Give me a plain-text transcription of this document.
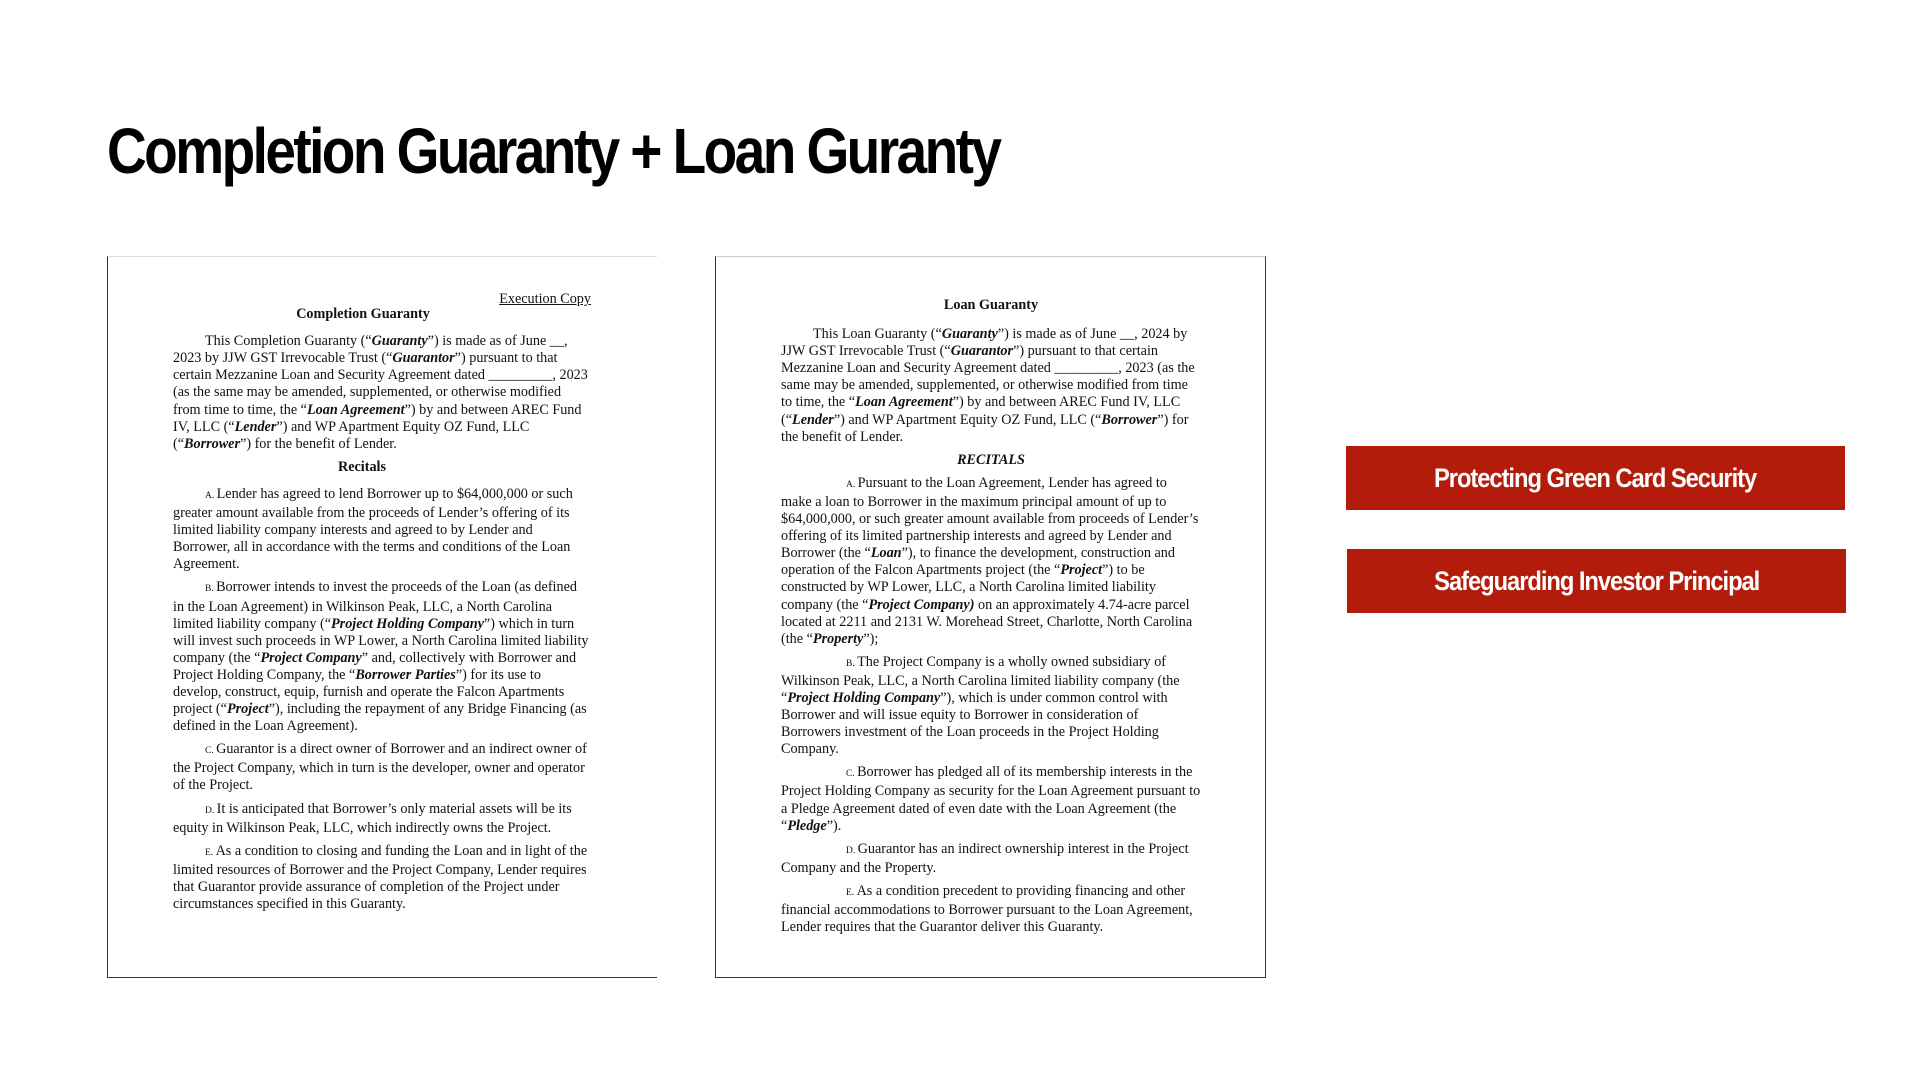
Completion Guaranty + Loan Guranty

Execution Copy

Completion Guaranty

This Completion Guaranty (“Guaranty”) is made as of June __, 2023 by JJW GST Irrevocable Trust (“Guarantor”) pursuant to that certain Mezzanine Loan and Security Agreement dated _________, 2023 (as the same may be amended, supplemented, or otherwise modified from time to time, the “Loan Agreement”) by and between AREC Fund IV, LLC (“Lender”) and WP Apartment Equity OZ Fund, LLC (“Borrower”) for the benefit of Lender.

Recitals

A. Lender has agreed to lend Borrower up to $64,000,000 or such greater amount available from the proceeds of Lender’s offering of its limited liability company interests and agreed to by Lender and Borrower, all in accordance with the terms and conditions of the Loan Agreement.

B. Borrower intends to invest the proceeds of the Loan (as defined in the Loan Agreement) in Wilkinson Peak, LLC, a North Carolina limited liability company (“Project Holding Company”) which in turn will invest such proceeds in WP Lower, a North Carolina limited liability company (the “Project Company” and, collectively with Borrower and Project Holding Company, the “Borrower Parties”) for its use to develop, construct, equip, furnish and operate the Falcon Apartments project (“Project”), including the repayment of any Bridge Financing (as defined in the Loan Agreement).

C. Guarantor is a direct owner of Borrower and an indirect owner of the Project Company, which in turn is the developer, owner and operator of the Project.

D. It is anticipated that Borrower’s only material assets will be its equity in Wilkinson Peak, LLC, which indirectly owns the Project.

E. As a condition to closing and funding the Loan and in light of the limited resources of Borrower and the Project Company, Lender requires that Guarantor provide assurance of completion of the Project under circumstances specified in this Guaranty.

Loan Guaranty

This Loan Guaranty (“Guaranty”) is made as of June __, 2024 by JJW GST Irrevocable Trust (“Guarantor”) pursuant to that certain Mezzanine Loan and Security Agreement dated _________, 2023 (as the same may be amended, supplemented, or otherwise modified from time to time, the “Loan Agreement”) by and between AREC Fund IV, LLC (“Lender”) and WP Apartment Equity OZ Fund, LLC (“Borrower”) for the benefit of Lender.

RECITALS

A. Pursuant to the Loan Agreement, Lender has agreed to make a loan to Borrower in the maximum principal amount of up to $64,000,000, or such greater amount available from proceeds of Lender’s offering of its limited partnership interests and agreed by Lender and Borrower (the “Loan”), to finance the development, construction and operation of the Falcon Apartments project (the “Project”) to be constructed by WP Lower, LLC, a North Carolina limited liability company (the “Project Company) on an approximately 4.74-acre parcel located at 2211 and 2131 W. Morehead Street, Charlotte, North Carolina (the “Property”);

B. The Project Company is a wholly owned subsidiary of Wilkinson Peak, LLC, a North Carolina limited liability company (the “Project Holding Company”), which is under common control with Borrower and will issue equity to Borrower in consideration of Borrowers investment of the Loan proceeds in the Project Holding Company.

C. Borrower has pledged all of its membership interests in the Project Holding Company as security for the Loan Agreement pursuant to a Pledge Agreement dated of even date with the Loan Agreement (the “Pledge”).

D. Guarantor has an indirect ownership interest in the Project Company and the Property.

E. As a condition precedent to providing financing and other financial accommodations to Borrower pursuant to the Loan Agreement, Lender requires that the Guarantor deliver this Guaranty.

Protecting Green Card Security
Safeguarding Investor Principal
